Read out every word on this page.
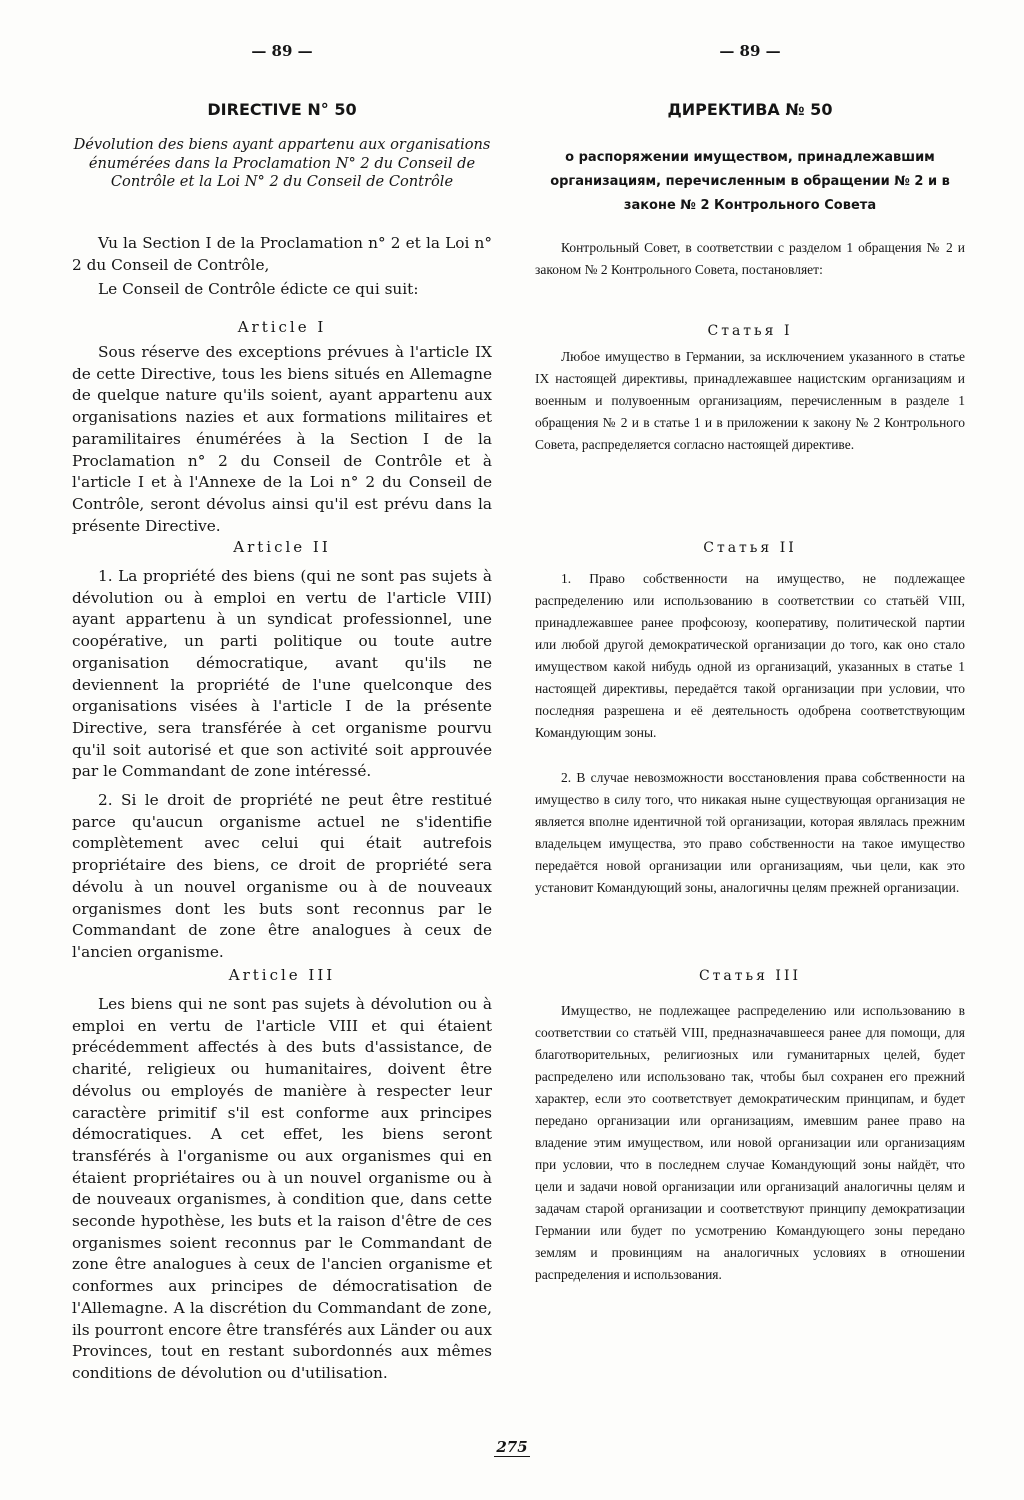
— 89 —
DIRECTIVE N° 50
Dévolution des biens ayant appartenu aux organisations énumérées dans la Proclamation N° 2 du Conseil de Contrôle et la Loi N° 2 du Conseil de Contrôle

Vu la Section I de la Proclamation n° 2 et la Loi n° 2 du Conseil de Contrôle,

Le Conseil de Contrôle édicte ce qui suit:

Article I

Sous réserve des exceptions prévues à l'article IX de cette Directive, tous les biens situés en Allemagne de quelque nature qu'ils soient, ayant appartenu aux organisations nazies et aux formations militaires et paramilitaires énumérées à la Section I de la Proclamation n° 2 du Conseil de Contrôle et à l'article I et à l'Annexe de la Loi n° 2 du Conseil de Contrôle, seront dévolus ainsi qu'il est prévu dans la présente Directive.

Article II

1. La propriété des biens (qui ne sont pas sujets à dévolution ou à emploi en vertu de l'article VIII) ayant appartenu à un syndicat professionnel, une coopérative, un parti politique ou toute autre organisation démocratique, avant qu'ils ne deviennent la propriété de l'une quelconque des organisations visées à l'article I de la présente Directive, sera transférée à cet organisme pourvu qu'il soit autorisé et que son activité soit approuvée par le Commandant de zone intéressé.

2. Si le droit de propriété ne peut être restitué parce qu'aucun organisme actuel ne s'identifie complètement avec celui qui était autrefois propriétaire des biens, ce droit de propriété sera dévolu à un nouvel organisme ou à de nouveaux organismes dont les buts sont reconnus par le Commandant de zone être analogues à ceux de l'ancien organisme.

Article III

Les biens qui ne sont pas sujets à dévolution ou à emploi en vertu de l'article VIII et qui étaient précédemment affectés à des buts d'assistance, de charité, religieux ou humanitaires, doivent être dévolus ou employés de manière à respecter leur caractère primitif s'il est conforme aux principes démocratiques. A cet effet, les biens seront transférés à l'organisme ou aux organismes qui en étaient propriétaires ou à un nouvel organisme ou à de nouveaux organismes, à condition que, dans cette seconde hypothèse, les buts et la raison d'être de ces organismes soient reconnus par le Commandant de zone être analogues à ceux de l'ancien organisme et conformes aux principes de démocratisation de l'Allemagne. A la discrétion du Commandant de zone, ils pourront encore être transférés aux Länder ou aux Provinces, tout en restant subordonnés aux mêmes conditions de dévolution ou d'utilisation.

— 89 —
ДИРЕКТИВА № 50
о распоряжении имуществом, принадлежавшим организациям, перечисленным в обращении № 2 и в законе № 2 Контрольного Совета

Контрольный Совет, в соответствии с разделом 1 обращения № 2 и законом № 2 Контрольного Совета, постановляет:

Статья I

Любое имущество в Германии, за исключением указанного в статье IX настоящей директивы, принадлежавшее нацистским организациям и военным и полувоенным организациям, перечисленным в разделе 1 обращения № 2 и в статье 1 и в приложении к закону № 2 Контрольного Совета, распределяется согласно настоящей директиве.

Статья II

1. Право собственности на имущество, не подлежащее распределению или использованию в соответствии со статьёй VIII, принадлежавшее ранее профсоюзу, кооперативу, политической партии или любой другой демократической организации до того, как оно стало имуществом какой нибудь одной из организаций, указанных в статье 1 настоящей директивы, передаётся такой организации при условии, что последняя разрешена и её деятельность одобрена соответствующим Командующим зоны.

2. В случае невозможности восстановления права собственности на имущество в силу того, что никакая ныне существующая организация не является вполне идентичной той организации, которая являлась прежним владельцем имущества, это право собственности на такое имущество передаётся новой организации или организациям, чьи цели, как это установит Командующий зоны, аналогичны целям прежней организации.

Статья III

Имущество, не подлежащее распределению или использованию в соответствии со статьёй VIII, предназначавшееся ранее для помощи, для благотворительных, религиозных или гуманитарных целей, будет распределено или использовано так, чтобы был сохранен его прежний характер, если это соответствует демократическим принципам, и будет передано организации или организациям, имевшим ранее право на владение этим имуществом, или новой организации или организациям при условии, что в последнем случае Командующий зоны найдёт, что цели и задачи новой организации или организаций аналогичны целям и задачам старой организации и соответствуют принципу демократизации Германии или будет по усмотрению Командующего зоны передано землям и провинциям на аналогичных условиях в отношении распределения и использования.

275
